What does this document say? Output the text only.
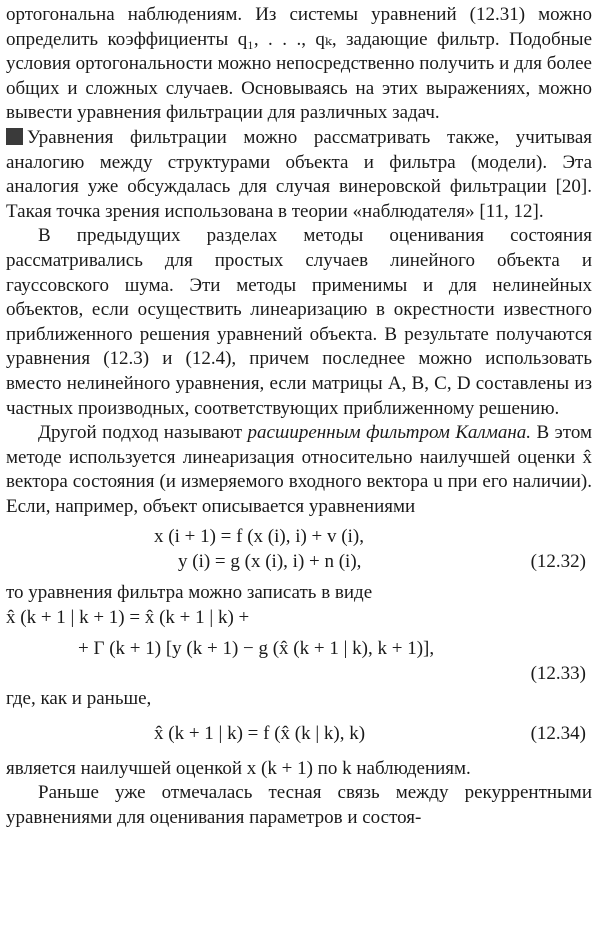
ортогональна наблюдениям. Из системы уравнений (12.31) можно определить коэффициенты q₁, . . ., qₖ, задающие фильтр. Подобные условия ортогональности можно непосредственно получить и для более общих и сложных случаев. Основываясь на этих выражениях, можно вывести уравнения фильтрации для различных задач.

Уравнения фильтрации можно рассматривать также, учитывая аналогию между структурами объекта и фильтра (модели). Эта аналогия уже обсуждалась для случая винеровской фильтрации [20]. Такая точка зрения использована в теории «наблюдателя» [11, 12].

В предыдущих разделах методы оценивания состояния рассматривались для простых случаев линейного объекта и гауссовского шума. Эти методы применимы и для нелинейных объектов, если осуществить линеаризацию в окрестности известного приближенного решения уравнений объекта. В результате получаются уравнения (12.3) и (12.4), причем последнее можно использовать вместо нелинейного уравнения, если матрицы A, B, C, D составлены из частных производных, соответствующих приближенному решению.

Другой подход называют расширенным фильтром Калмана. В этом методе используется линеаризация относительно наилучшей оценки x̂ вектора состояния (и измеряемого входного вектора u при его наличии). Если, например, объект описывается уравнениями

x (i + 1) = f (x (i), i) + v (i),
y (i) = g (x (i), i) + n (i),	(12.32)

то уравнения фильтра можно записать в виде

x̂ (k + 1 | k + 1) = x̂ (k + 1 | k) +
+ Γ (k + 1) [y (k + 1) − g (x̂ (k + 1 | k), k + 1)],
(12.33)

где, как и раньше,

x̂ (k + 1 | k) = f (x̂ (k | k), k)	(12.34)

является наилучшей оценкой x (k + 1) по k наблюдениям.

Раньше уже отмечалась тесная связь между рекуррентными уравнениями для оценивания параметров и состоя-
